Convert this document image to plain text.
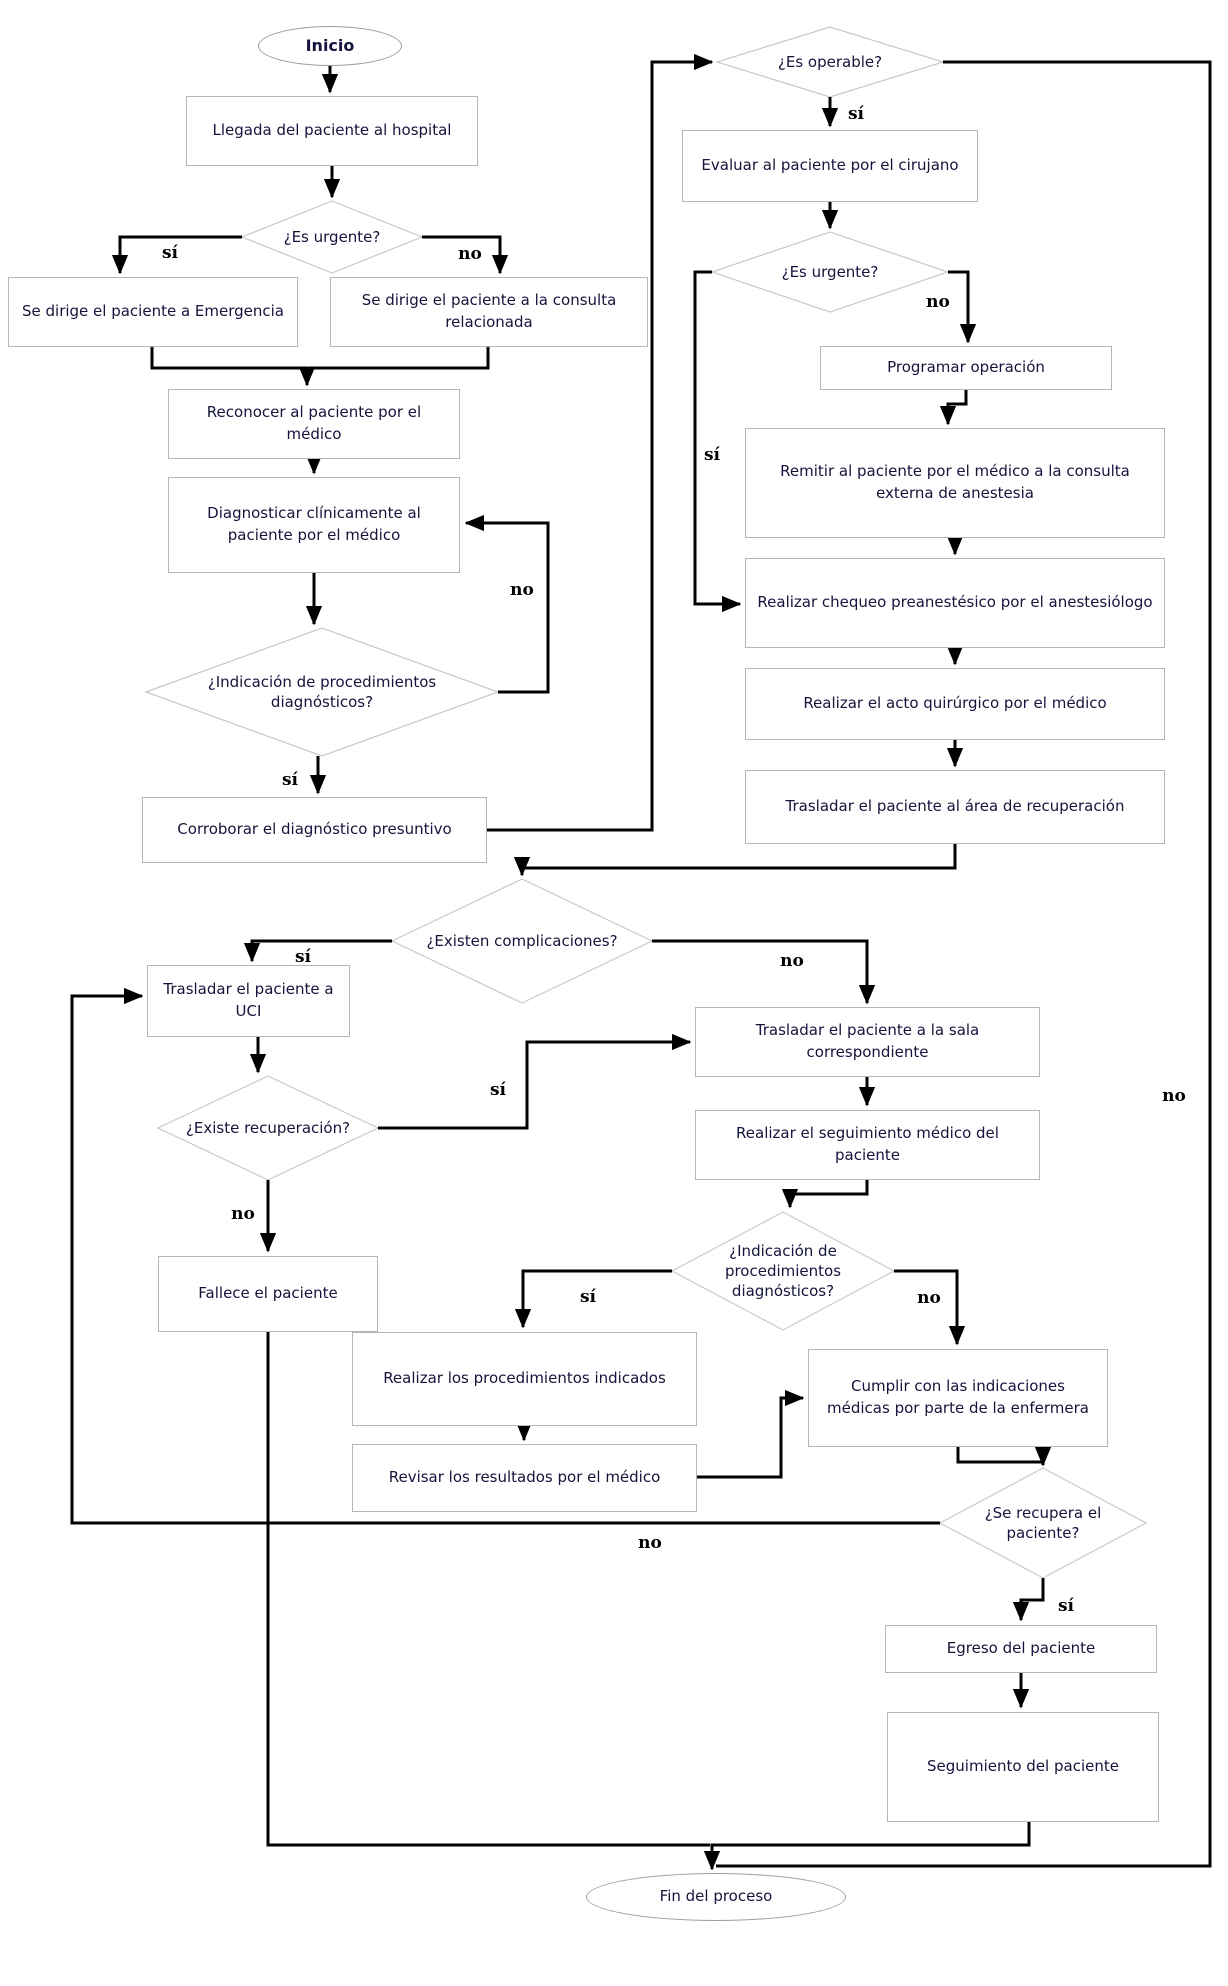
Inicio
Fin del proceso
Llegada del paciente al hospital
Se dirige el paciente a Emergencia
Se dirige el paciente a la consulta relacionada
Reconocer al paciente por el médico
Diagnosticar clínicamente al paciente por el médico
Corroborar el diagnóstico presuntivo
Evaluar al paciente por el cirujano
Programar operación
Remitir al paciente por el médico a la consulta externa de anestesia
Realizar chequeo preanestésico por el anestesiólogo
Realizar el acto quirúrgico por el médico
Trasladar el paciente al área de recuperación
Trasladar el paciente a UCI
Fallece el paciente
Trasladar el paciente a la sala correspondiente
Realizar el seguimiento médico del paciente
Realizar los procedimientos indicados
Revisar los resultados por el médico
Cumplir con las indicaciones médicas por parte de la enfermera
Egreso del paciente
Seguimiento del paciente
¿Es urgente?
¿Indicación de procedimientos diagnósticos?
¿Es operable?
¿Es urgente?
¿Existen complicaciones?
¿Existe recuperación?
¿Indicación de procedimientos diagnósticos?
¿Se recupera el paciente?
sí	no
no
sí
sí
no
sí
no
sí	no
sí
no
sí	no
sí
no
